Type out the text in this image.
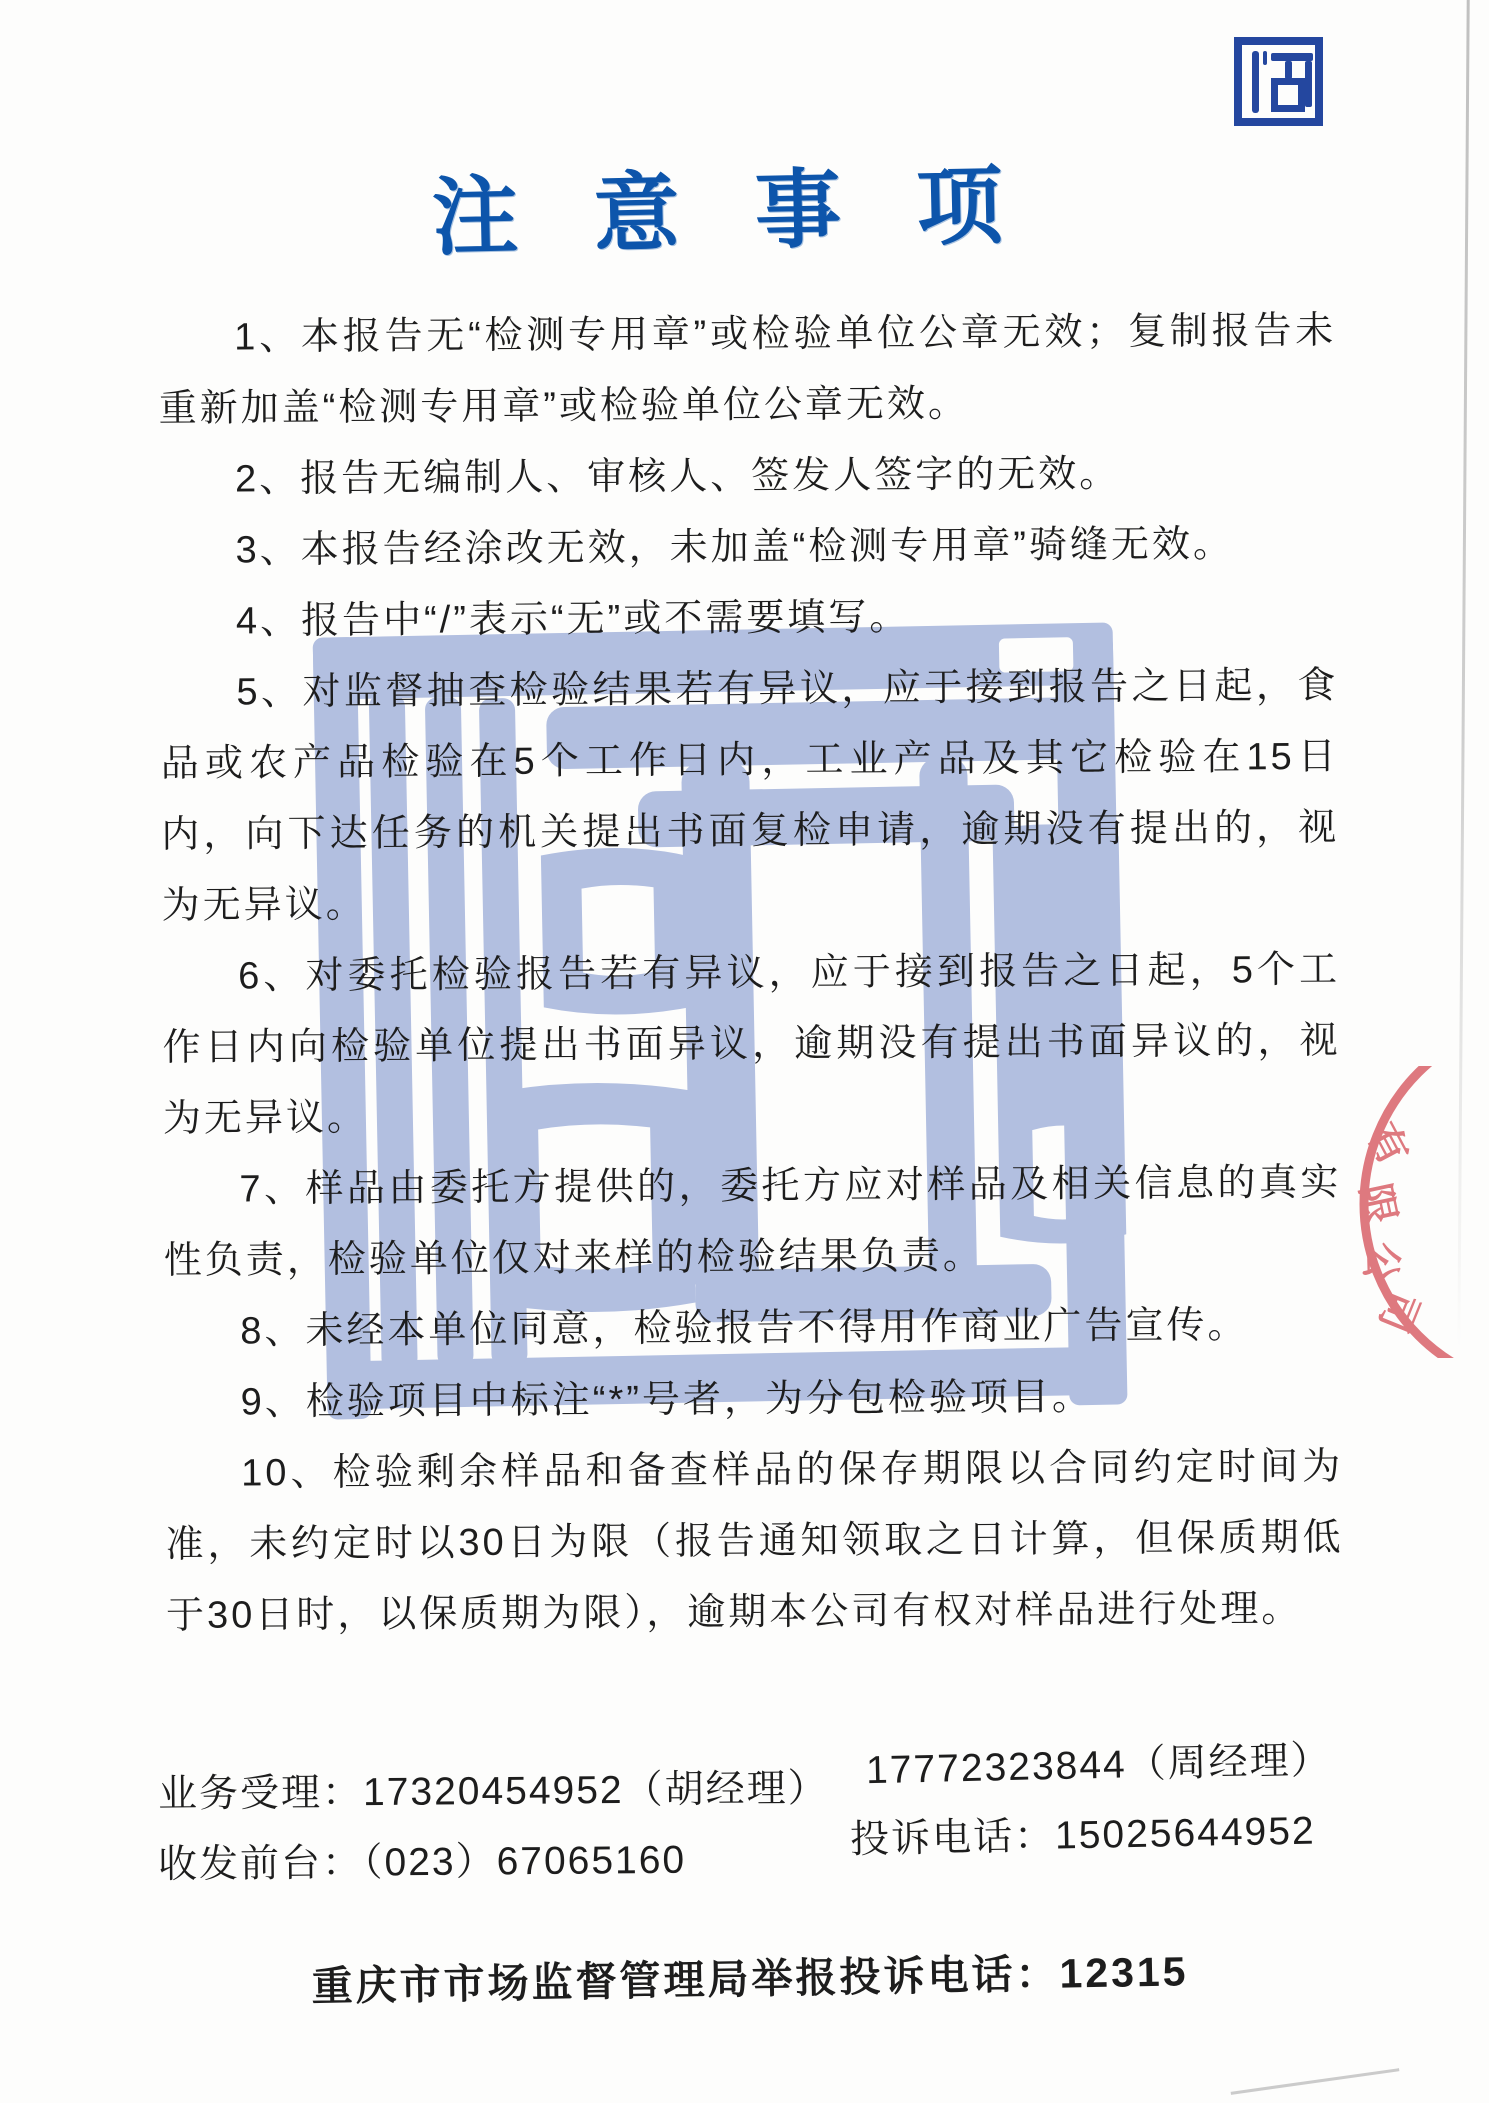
注 意 事 项

1、本报告无“检测专用章”或检验单位公章无效；复制报告未重新加盖“检测专用章”或检验单位公章无效。

2、报告无编制人、审核人、签发人签字的无效。

3、本报告经涂改无效，未加盖“检测专用章”骑缝无效。

4、报告中“/”表示“无”或不需要填写。

5、对监督抽查检验结果若有异议，应于接到报告之日起，食品或农产品检验在5个工作日内，工业产品及其它检验在15日内，向下达任务的机关提出书面复检申请，逾期没有提出的，视为无异议。

6、对委托检验报告若有异议，应于接到报告之日起，5个工作日内向检验单位提出书面异议，逾期没有提出书面异议的，视为无异议。

7、样品由委托方提供的，委托方应对样品及相关信息的真实性负责，检验单位仅对来样的检验结果负责。

8、未经本单位同意，检验报告不得用作商业广告宣传。

9、检验项目中标注“*”号者，为分包检验项目。

10、检验剩余样品和备查样品的保存期限以合同约定时间为准，未约定时以30日为限（报告通知领取之日计算，但保质期低于30日时，以保质期为限），逾期本公司有权对样品进行处理。

业务受理：17320454952（胡经理） 17772323844（周经理）
收发前台：（023）67065160
投诉电话：15025644952
重庆市市场监督管理局举报投诉电话：12315
有
限
公
司
